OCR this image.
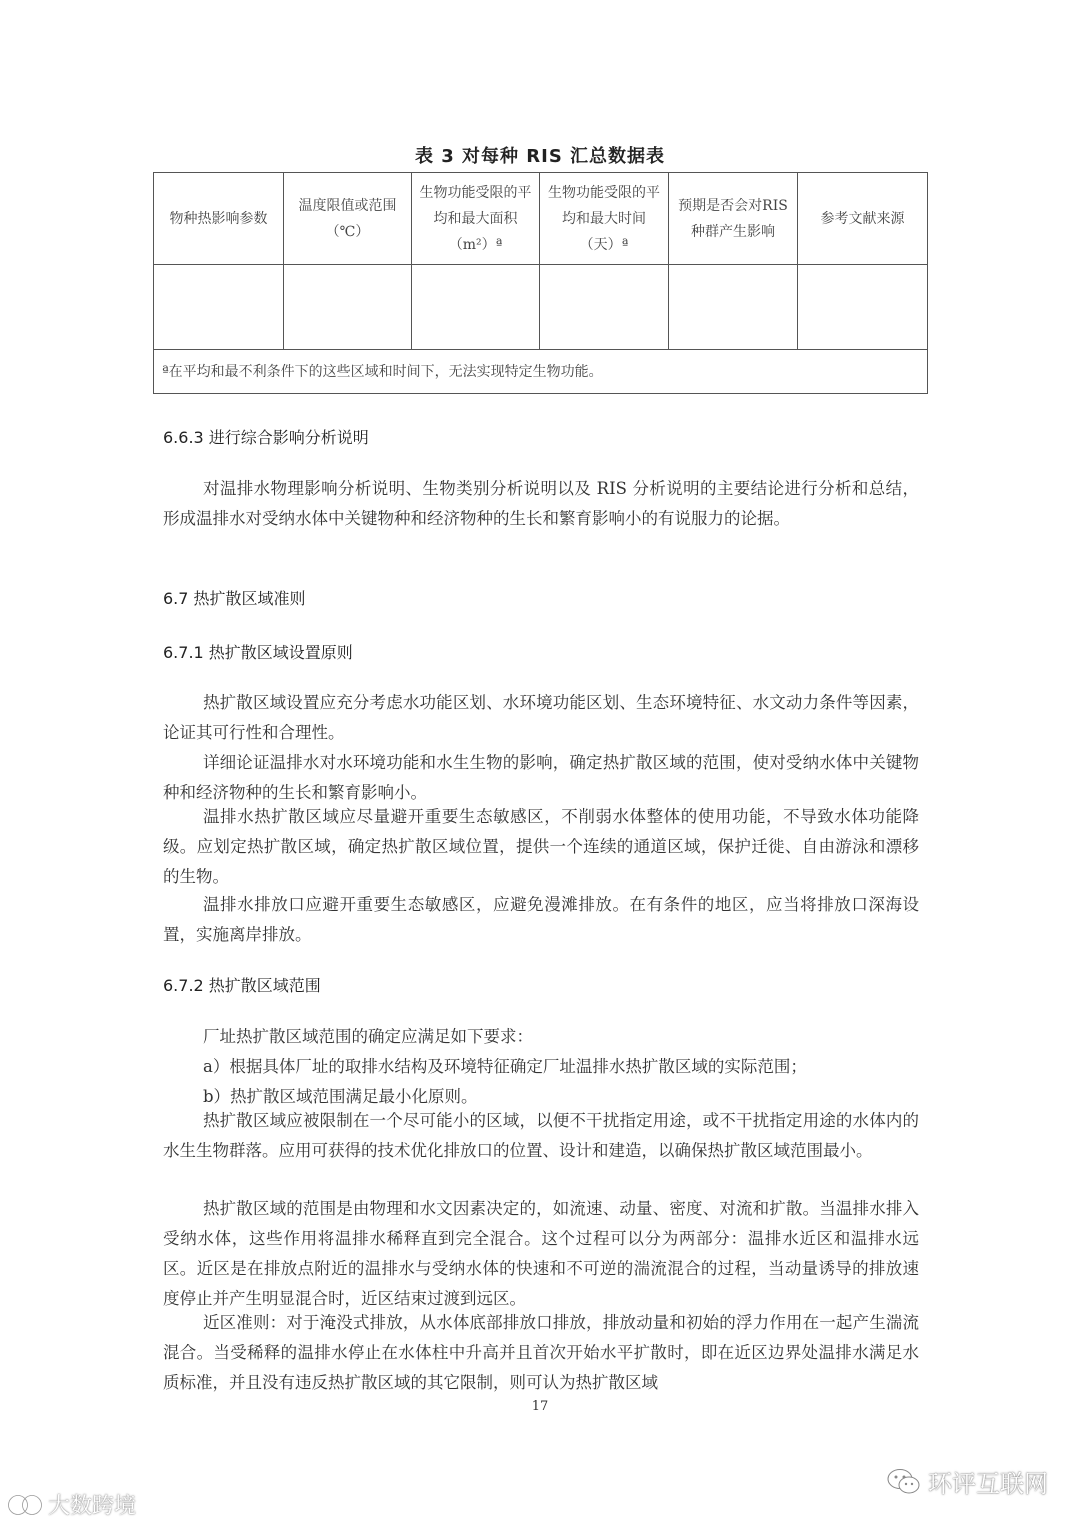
表 3 对每种 RIS 汇总数据表
物种热影响参数	温度限值或范围（℃）	生物功能受限的平均和最大面积（m²）ª	生物功能受限的平均和最大时间（天）ª	预期是否会对RIS 种群产生影响	参考文献来源

ª在平均和最不利条件下的这些区域和时间下，无法实现特定生物功能。					
6.6.3 进行综合影响分析说明

对温排水物理影响分析说明、生物类别分析说明以及 RIS 分析说明的主要结论进行分析和总结，形成温排水对受纳水体中关键物种和经济物种的生长和繁育影响小的有说服力的论据。

6.7 热扩散区域准则
6.7.1 热扩散区域设置原则

热扩散区域设置应充分考虑水功能区划、水环境功能区划、生态环境特征、水文动力条件等因素，论证其可行性和合理性。

详细论证温排水对水环境功能和水生生物的影响，确定热扩散区域的范围，使对受纳水体中关键物种和经济物种的生长和繁育影响小。

温排水热扩散区域应尽量避开重要生态敏感区，不削弱水体整体的使用功能，不导致水体功能降级。应划定热扩散区域，确定热扩散区域位置，提供一个连续的通道区域，保护迁徙、自由游泳和漂移的生物。

温排水排放口应避开重要生态敏感区，应避免漫滩排放。在有条件的地区，应当将排放口深海设置，实施离岸排放。

6.7.2 热扩散区域范围

厂址热扩散区域范围的确定应满足如下要求：

a）根据具体厂址的取排水结构及环境特征确定厂址温排水热扩散区域的实际范围；

b）热扩散区域范围满足最小化原则。

热扩散区域应被限制在一个尽可能小的区域，以便不干扰指定用途，或不干扰指定用途的水体内的水生生物群落。应用可获得的技术优化排放口的位置、设计和建造，以确保热扩散区域范围最小。

热扩散区域的范围是由物理和水文因素决定的，如流速、动量、密度、对流和扩散。当温排水排入受纳水体，这些作用将温排水稀释直到完全混合。这个过程可以分为两部分：温排水近区和温排水远区。近区是在排放点附近的温排水与受纳水体的快速和不可逆的湍流混合的过程，当动量诱导的排放速度停止并产生明显混合时，近区结束过渡到远区。

近区准则：对于淹没式排放，从水体底部排放口排放，排放动量和初始的浮力作用在一起产生湍流混合。当受稀释的温排水停止在水体柱中升高并且首次开始水平扩散时，即在近区边界处温排水满足水质标准，并且没有违反热扩散区域的其它限制，则可认为热扩散区域

17
大数跨境
环评互联网
